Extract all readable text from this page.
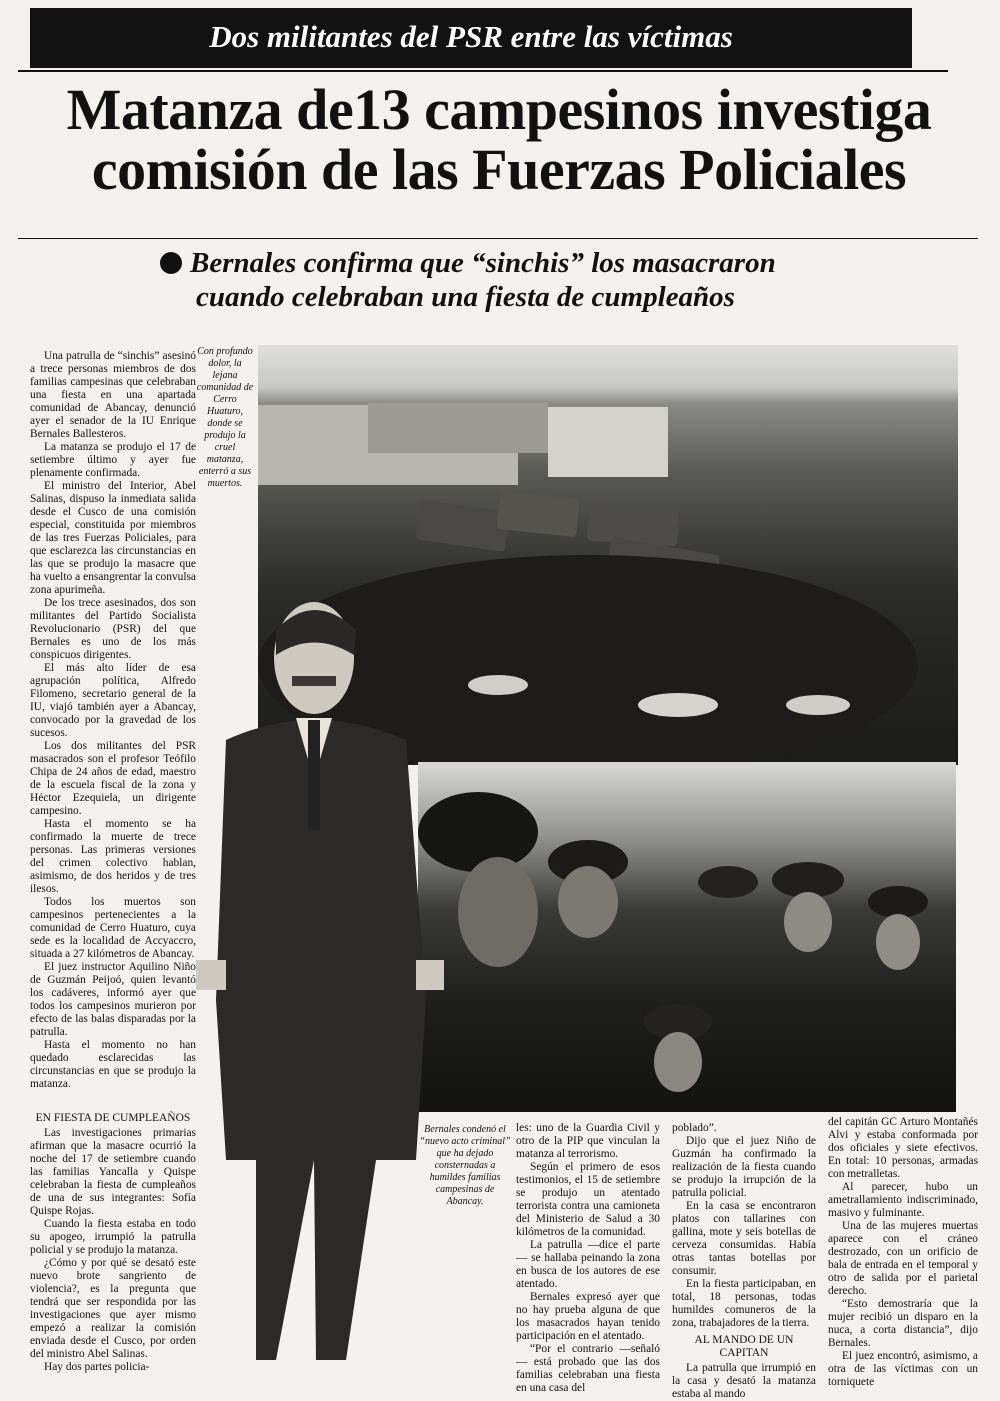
Dos militantes del PSR entre las víctimas
Matanza de13 campesinos investiga
comisión de las Fuerzas Policiales
Bernales confirma que “sinchis” los masacraron
cuando celebraban una fiesta de cumpleaños

Una patrulla de “sinchis” asesinó a trece personas miembros de dos familias campesinas que celebraban una fiesta en una apartada comunidad de Abancay, denunció ayer el senador de la IU Enrique Bernales Ballesteros.

La matanza se produjo el 17 de setiembre último y ayer fue plenamente confirmada.

El ministro del Interior, Abel Salinas, dispuso la inmediata salida desde el Cusco de una comisión especial, constituida por miembros de las tres Fuerzas Policiales, para que esclarezca las circunstancias en las que se produjo la masacre que ha vuelto a ensangrentar la convulsa zona apurimeña.

De los trece asesinados, dos son militantes del Partido Socialista Revolucionario (PSR) del que Bernales es uno de los más conspicuos dirigentes.

El más alto líder de esa agrupación política, Alfredo Filomeno, secretario general de la IU, viajó también ayer a Abancay, convocado por la gravedad de los sucesos.

Los dos militantes del PSR masacrados son el profesor Teófilo Chipa de 24 años de edad, maestro de la escuela fiscal de la zona y Héctor Ezequiela, un dirigente campesino.

Hasta el momento se ha confirmado la muerte de trece personas. Las primeras versiones del crimen colectivo hablan, asimismo, de dos heridos y de tres ilesos.

Todos los muertos son campesinos pertenecientes a la comunidad de Cerro Huaturo, cuya sede es la localidad de Accyaccro, situada a 27 kilómetros de Abancay.

El juez instructor Aquilino Niño de Guzmán Peijoó, quien levantó los cadáveres, informó ayer que todos los campesinos murieron por efecto de las balas disparadas por la patrulla.

Hasta el momento no han quedado esclarecidas las circunstancias en que se produjo la matanza.

EN FIESTA DE CUMPLEAÑOS

Las investigaciones primarias afirman que la masacre ocurrió la noche del 17 de setiembre cuando las familias Yancalla y Quispe celebraban la fiesta de cumpleaños de una de sus integrantes: Sofía Quispe Rojas.

Cuando la fiesta estaba en todo su apogeo, irrumpió la patrulla policial y se produjo la matanza.

¿Cómo y por qué se desató este nuevo brote sangriento de violencia?, es la pregunta que tendrá que ser respondida por las investigaciones que ayer mismo empezó a realizar la comisión enviada desde el Cusco, por orden del ministro Abel Salinas.

Hay dos partes policia-

Con profundo dolor, la lejana comunidad de Cerro Huaturo, donde se produjo la cruel matanza, enterró a sus muertos.
Bernales condenó el “nuevo acto criminal” que ha dejado consternadas a humildes familias campesinas de Abancay.

les: uno de la Guardia Civil y otro de la PIP que vinculan la matanza al terrorismo.

Según el primero de esos testimonios, el 15 de setiembre se produjo un atentado terrorista contra una camioneta del Ministerio de Salud a 30 kilómetros de la comunidad.

La patrulla —dice el parte— se hallaba peinando la zona en busca de los autores de ese atentado.

Bernales expresó ayer que no hay prueba alguna de que los masacrados hayan tenido participación en el atentado.

“Por el contrario —señaló— está probado que las dos familias celebraban una fiesta en una casa del

poblado”.

Dijo que el juez Niño de Guzmán ha confirmado la realización de la fiesta cuando se produjo la irrupción de la patrulla policial.

En la casa se encontraron platos con tallarines con gallina, mote y seis botellas de cerveza consumidas. Había otras tantas botellas por consumir.

En la fiesta participaban, en total, 18 personas, todas humildes comuneros de la zona, trabajadores de la tierra.

AL MANDO DE UN CAPITAN

La patrulla que irrumpió en la casa y desató la matanza estaba al mando

del capitán GC Arturo Montañés Alvi y estaba conformada por dos oficiales y siete efectivos. En total: 10 personas, armadas con metralletas.

Al parecer, hubo un ametrallamiento indiscriminado, masivo y fulminante.

Una de las mujeres muertas aparece con el cráneo destrozado, con un orificio de bala de entrada en el temporal y otro de salida por el parietal derecho.

“Esto demostraría que la mujer recibió un disparo en la nuca, a corta distancia”, dijo Bernales.

El juez encontró, asimismo, a otra de las víctimas con un torniquete
